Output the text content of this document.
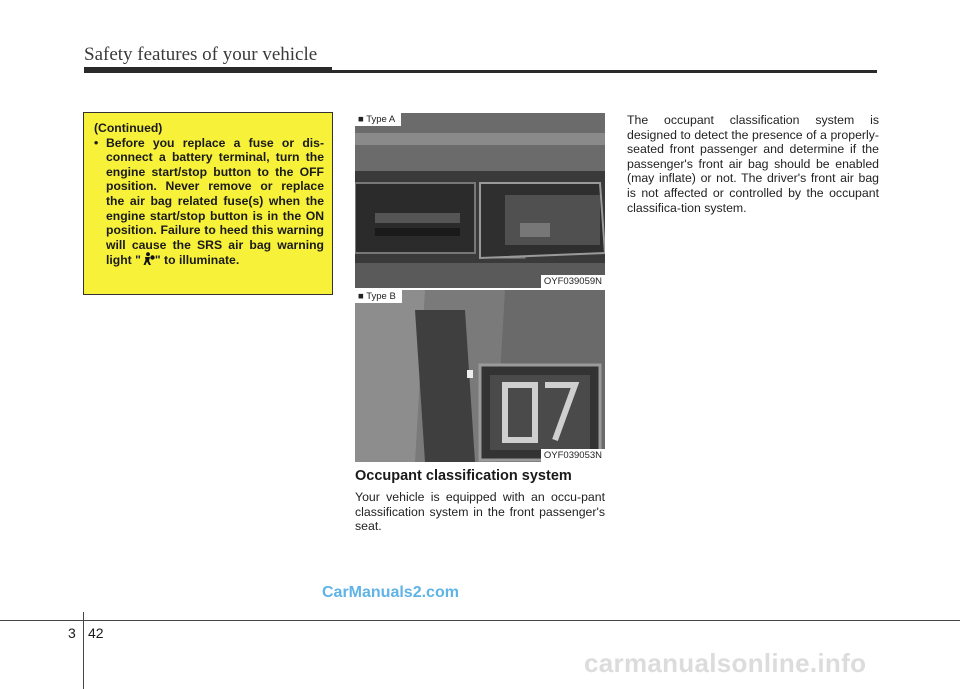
Safety features of your vehicle
(Continued)
• Before you replace a fuse or dis-connect a battery terminal, turn the engine start/stop button to the OFF position. Never remove or replace the air bag related fuse(s) when the engine start/stop button is in the ON position. Failure to heed this warning will cause the SRS air bag warning light " " to illuminate.
■ Type A
OYF039059N
■ Type B
OYF039053N
Occupant classification system
Your vehicle is equipped with an occu-pant classification system in the front passenger's seat.
The occupant classification system is designed to detect the presence of a properly-seated front passenger and determine if the passenger's front air bag should be enabled (may inflate) or not. The driver's front air bag is not affected or controlled by the occupant classifica-tion system.
CarManuals2.com
3 42
carmanualsonline.info
